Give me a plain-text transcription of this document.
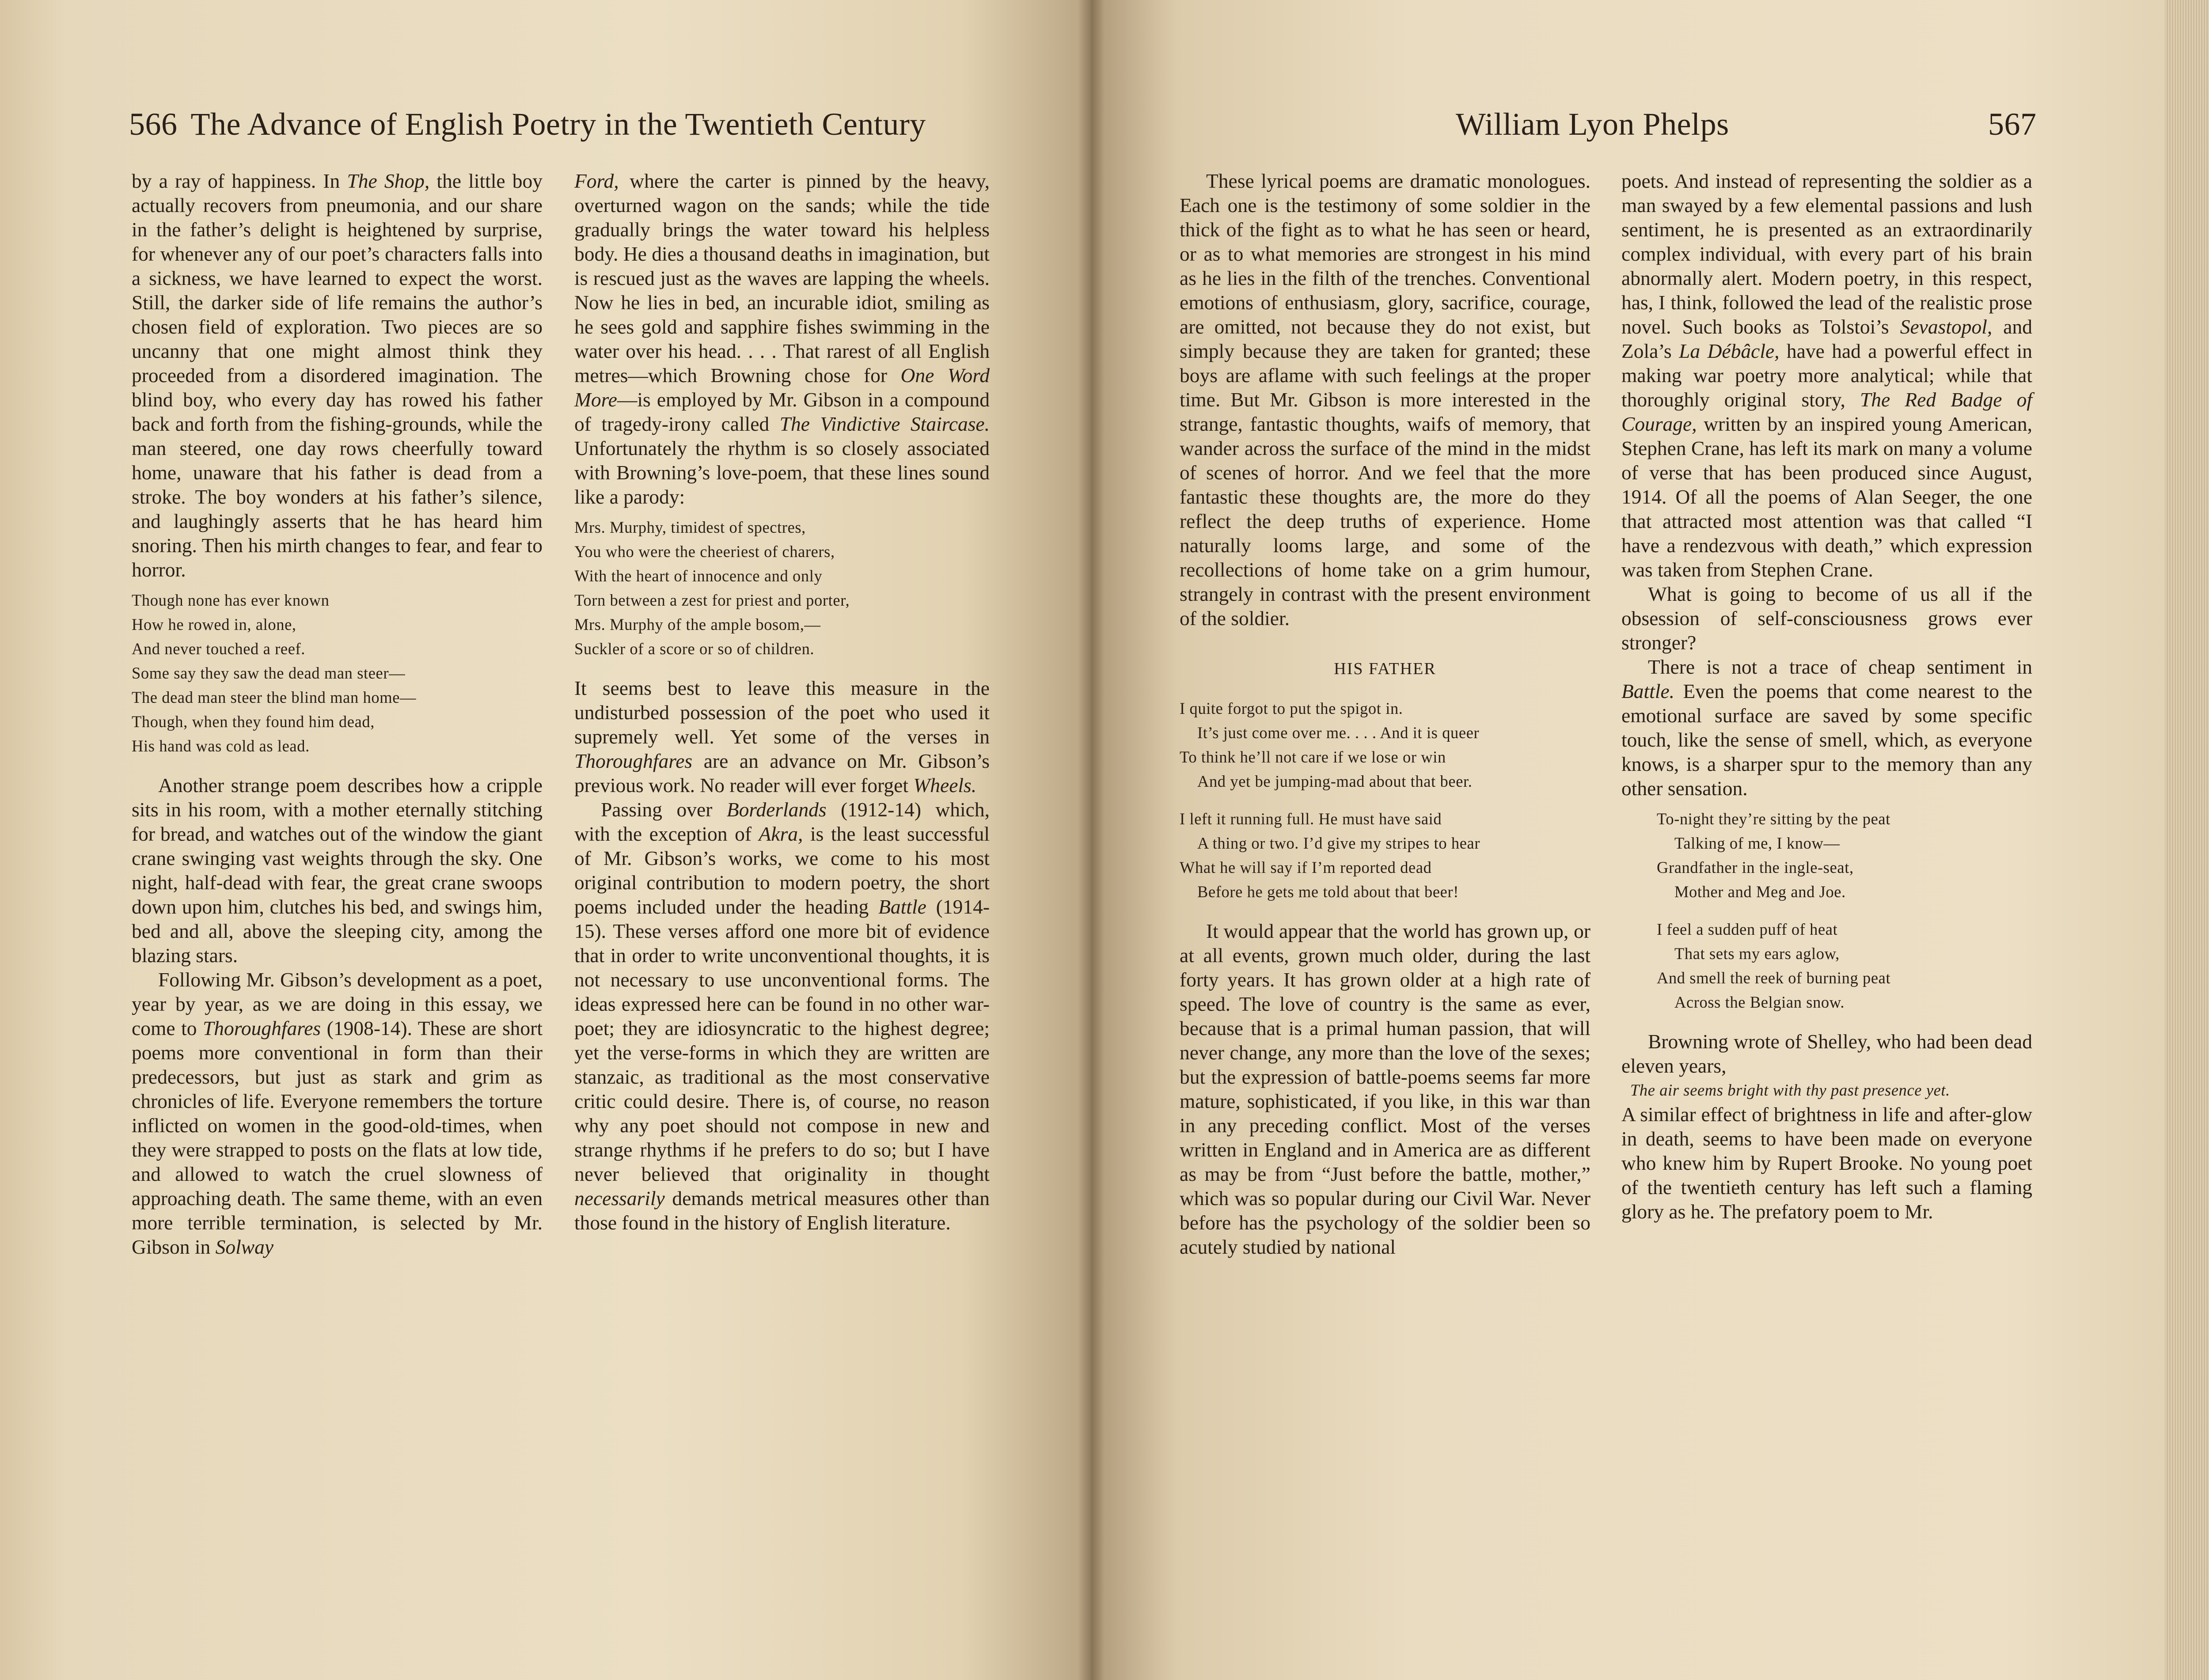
566 The Advance of English Poetry in the Twentieth Century

by a ray of happiness. In The Shop, the little boy actually recovers from pneumonia, and our share in the father’s delight is heightened by surprise, for whenever any of our poet’s characters falls into a sickness, we have learned to expect the worst. Still, the darker side of life remains the author’s chosen field of exploration. Two pieces are so uncanny that one might almost think they proceeded from a disordered imagination. The blind boy, who every day has rowed his father back and forth from the fishing-grounds, while the man steered, one day rows cheerfully toward home, unaware that his father is dead from a stroke. The boy wonders at his father’s silence, and laughingly asserts that he has heard him snoring. Then his mirth changes to fear, and fear to horror.

Though none has ever known
How he rowed in, alone,
And never touched a reef.
Some say they saw the dead man steer—
The dead man steer the blind man home—
Though, when they found him dead,
His hand was cold as lead.

Another strange poem describes how a cripple sits in his room, with a mother eternally stitching for bread, and watches out of the window the giant crane swinging vast weights through the sky. One night, half-dead with fear, the great crane swoops down upon him, clutches his bed, and swings him, bed and all, above the sleeping city, among the blazing stars.

Following Mr. Gibson’s development as a poet, year by year, as we are doing in this essay, we come to Thoroughfares (1908-14). These are short poems more conventional in form than their predecessors, but just as stark and grim as chronicles of life. Everyone remembers the torture inflicted on women in the good-old-times, when they were strapped to posts on the flats at low tide, and allowed to watch the cruel slowness of approaching death. The same theme, with an even more terrible termination, is selected by Mr. Gibson in Solway

Ford, where the carter is pinned by the heavy, overturned wagon on the sands; while the tide gradually brings the water toward his helpless body. He dies a thousand deaths in imagination, but is rescued just as the waves are lapping the wheels. Now he lies in bed, an incurable idiot, smiling as he sees gold and sapphire fishes swimming in the water over his head. . . . That rarest of all English metres—which Browning chose for One Word More—is employed by Mr. Gibson in a compound of tragedy-irony called The Vindictive Staircase. Unfortunately the rhythm is so closely associated with Browning’s love-poem, that these lines sound like a parody:

Mrs. Murphy, timidest of spectres,
You who were the cheeriest of charers,
With the heart of innocence and only
Torn between a zest for priest and porter,
Mrs. Murphy of the ample bosom,—
Suckler of a score or so of children.

It seems best to leave this measure in the undisturbed possession of the poet who used it supremely well. Yet some of the verses in Thoroughfares are an advance on Mr. Gibson’s previous work. No reader will ever forget Wheels.

Passing over Borderlands (1912-14) which, with the exception of Akra, is the least successful of Mr. Gibson’s works, we come to his most original contribution to modern poetry, the short poems included under the heading Battle (1914-15). These verses afford one more bit of evidence that in order to write unconventional thoughts, it is not necessary to use unconventional forms. The ideas expressed here can be found in no other war-poet; they are idiosyncratic to the highest degree; yet the verse-forms in which they are written are stanzaic, as traditional as the most conservative critic could desire. There is, of course, no reason why any poet should not compose in new and strange rhythms if he prefers to do so; but I have never believed that originality in thought necessarily demands metrical measures other than those found in the history of English literature.

William Lyon Phelps	567

These lyrical poems are dramatic monologues. Each one is the testimony of some soldier in the thick of the fight as to what he has seen or heard, or as to what memories are strongest in his mind as he lies in the filth of the trenches. Conventional emotions of enthusiasm, glory, sacrifice, courage, are omitted, not because they do not exist, but simply because they are taken for granted; these boys are aflame with such feelings at the proper time. But Mr. Gibson is more interested in the strange, fantastic thoughts, waifs of memory, that wander across the surface of the mind in the midst of scenes of horror. And we feel that the more fantastic these thoughts are, the more do they reflect the deep truths of experience. Home naturally looms large, and some of the recollections of home take on a grim humour, strangely in contrast with the present environment of the soldier.

HIS FATHER
I quite forgot to put the spigot in.
It’s just come over me. . . . And it is queer
To think he’ll not care if we lose or win
And yet be jumping-mad about that beer.
I left it running full. He must have said
A thing or two. I’d give my stripes to hear
What he will say if I’m reported dead
Before he gets me told about that beer!

It would appear that the world has grown up, or at all events, grown much older, during the last forty years. It has grown older at a high rate of speed. The love of country is the same as ever, because that is a primal human passion, that will never change, any more than the love of the sexes; but the expression of battle-poems seems far more mature, sophisticated, if you like, in this war than in any preceding conflict. Most of the verses written in England and in America are as different as may be from “Just before the battle, mother,” which was so popular during our Civil War. Never before has the psychology of the soldier been so acutely studied by national

poets. And instead of representing the soldier as a man swayed by a few elemental passions and lush sentiment, he is presented as an extraordinarily complex individual, with every part of his brain abnormally alert. Modern poetry, in this respect, has, I think, followed the lead of the realistic prose novel. Such books as Tolstoi’s Sevastopol, and Zola’s La Débâcle, have had a powerful effect in making war poetry more analytical; while that thoroughly original story, The Red Badge of Courage, written by an inspired young American, Stephen Crane, has left its mark on many a volume of verse that has been produced since August, 1914. Of all the poems of Alan Seeger, the one that attracted most attention was that called “I have a rendezvous with death,” which expression was taken from Stephen Crane.

What is going to become of us all if the obsession of self-consciousness grows ever stronger?

There is not a trace of cheap sentiment in Battle. Even the poems that come nearest to the emotional surface are saved by some specific touch, like the sense of smell, which, as everyone knows, is a sharper spur to the memory than any other sensation.

To-night they’re sitting by the peat
Talking of me, I know—
Grandfather in the ingle-seat,
Mother and Meg and Joe.
I feel a sudden puff of heat
That sets my ears aglow,
And smell the reek of burning peat
Across the Belgian snow.

Browning wrote of Shelley, who had been dead eleven years,

The air seems bright with thy past presence yet.

A similar effect of brightness in life and after-glow in death, seems to have been made on everyone who knew him by Rupert Brooke. No young poet of the twentieth century has left such a flaming glory as he. The prefatory poem to Mr.
